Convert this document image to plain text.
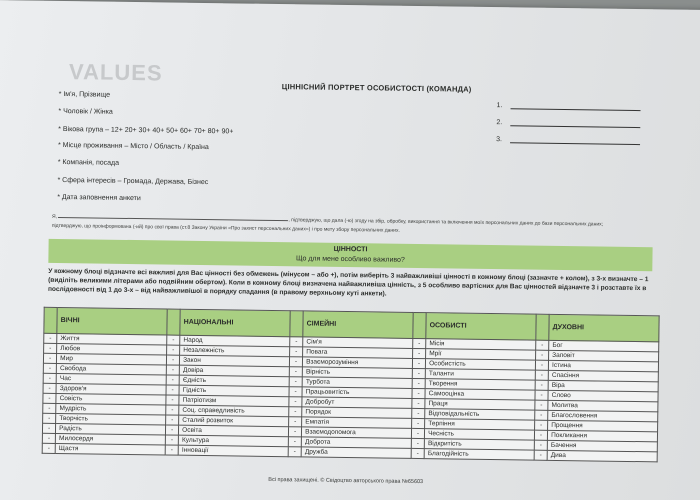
VALUES
ЦІННІСНИЙ ПОРТРЕТ ОСОБИСТОСТІ (КОМАНДА)
* Ім'я, Прізвище
* Чоловік / Жінка
* Вікова група – 12+ 20+ 30+ 40+ 50+ 60+ 70+ 80+ 90+
* Місце проживання – Місто / Область / Країна
* Компанія, посада
* Сфера інтересів – Громада, Держава, Бізнес
* Дата заповнення анкети
1.
2.
3.
Я, , підтверджую, що дала (-ю) згоду на збір, обробку, використання та включення моїх персональних даних до бази персональних даних; підтверджую, що проінформована (-ий) про свої права (ст.8 Закону України «Про захист персональних даних») і про мету збору персональних даних.
ЦІННОСТІ
Що для мене особливо важливо?
У кожному блоці відзначте всі важливі для Вас цінності без обмежень (мінусом – або +), потім виберіть 3 найважливіші цінності в кожному блоці (зазначте + колом), з 3-х визначте – 1 (виділіть великими літерами або подвійним обертом). Коли в кожному блоці визначена найважливіша цінність, з 5 особливо вартісних для Вас цінностей відзначте 3 і розставте їх в послідовності від 1 до 3-х – від найважливішої в порядку спадання (в правому верхньому куті анкети).
	ВІЧНІ		НАЦІОНАЛЬНІ		СІМЕЙНІ		ОСОБИСТІ		ДУХОВНІ
-	Життя	-	Народ	-	Сім'я	-	Місія	-	Бог
-	Любов	-	Незалежність	-	Повага	-	Мрії	-	Заповіт
-	Мир	-	Закон	-	Взаєморозуміння	-	Особистість	-	Істина
-	Свобода	-	Довіра	-	Вірність	-	Таланти	-	Спасіння
-	Час	-	Єдність	-	Турбота	-	Творення	-	Віра
-	Здоров'я	-	Гідність	-	Працьовитість	-	Самооцінка	-	Слово
-	Совість	-	Патріотизм	-	Добробут	-	Праця	-	Молитва
-	Мудрість	-	Соц. справедливість	-	Порядок	-	Відповідальність	-	Благословення
-	Творчість	-	Сталий розвиток	-	Емпатія	-	Терпіння	-	Прощення
-	Радість	-	Освіта	-	Взаємодопомога	-	Чесність	-	Покликання
-	Милосердя	-	Культура	-	Доброта	-	Відкритість	-	Бачення
-	Щастя	-	Інновації	-	Дружба	-	Благодійність	-	Дива
Всі права захищені. © Свідоцтво авторського права №65603
